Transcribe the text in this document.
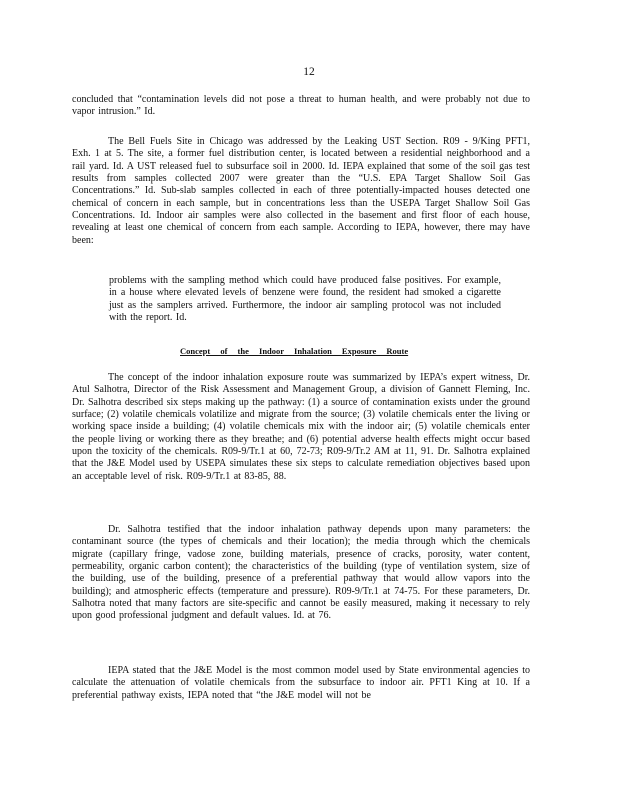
12

concluded that “contamination levels did not pose a threat to human health, and were probably not due to vapor intrusion.” Id.

The Bell Fuels Site in Chicago was addressed by the Leaking UST Section. R09 - 9/King PFT1, Exh. 1 at 5. The site, a former fuel distribution center, is located between a residential neighborhood and a rail yard. Id. A UST released fuel to subsurface soil in 2000. Id. IEPA explained that some of the soil gas test results from samples collected 2007 were greater than the “U.S. EPA Target Shallow Soil Gas Concentrations.” Id. Sub-slab samples collected in each of three potentially-impacted houses detected one chemical of concern in each sample, but in concentrations less than the USEPA Target Shallow Soil Gas Concentrations. Id. Indoor air samples were also collected in the basement and first floor of each house, revealing at least one chemical of concern from each sample. According to IEPA, however, there may have been:

problems with the sampling method which could have produced false positives. For example, in a house where elevated levels of benzene were found, the resident had smoked a cigarette just as the samplers arrived. Furthermore, the indoor air sampling protocol was not included with the report. Id.

Concept of the Indoor Inhalation Exposure Route

The concept of the indoor inhalation exposure route was summarized by IEPA’s expert witness, Dr. Atul Salhotra, Director of the Risk Assessment and Management Group, a division of Gannett Fleming, Inc. Dr. Salhotra described six steps making up the pathway: (1) a source of contamination exists under the ground surface; (2) volatile chemicals volatilize and migrate from the source; (3) volatile chemicals enter the living or working space inside a building; (4) volatile chemicals mix with the indoor air; (5) volatile chemicals enter the people living or working there as they breathe; and (6) potential adverse health effects might occur based upon the toxicity of the chemicals. R09-9/Tr.1 at 60, 72-73; R09-9/Tr.2 AM at 11, 91. Dr. Salhotra explained that the J&E Model used by USEPA simulates these six steps to calculate remediation objectives based upon an acceptable level of risk. R09-9/Tr.1 at 83-85, 88.

Dr. Salhotra testified that the indoor inhalation pathway depends upon many parameters: the contaminant source (the types of chemicals and their location); the media through which the chemicals migrate (capillary fringe, vadose zone, building materials, presence of cracks, porosity, water content, permeability, organic carbon content); the characteristics of the building (type of ventilation system, size of the building, use of the building, presence of a preferential pathway that would allow vapors into the building); and atmospheric effects (temperature and pressure). R09-9/Tr.1 at 74-75. For these parameters, Dr. Salhotra noted that many factors are site-specific and cannot be easily measured, making it necessary to rely upon good professional judgment and default values. Id. at 76.

IEPA stated that the J&E Model is the most common model used by State environmental agencies to calculate the attenuation of volatile chemicals from the subsurface to indoor air. PFT1 King at 10. If a preferential pathway exists, IEPA noted that “the J&E model will not be
